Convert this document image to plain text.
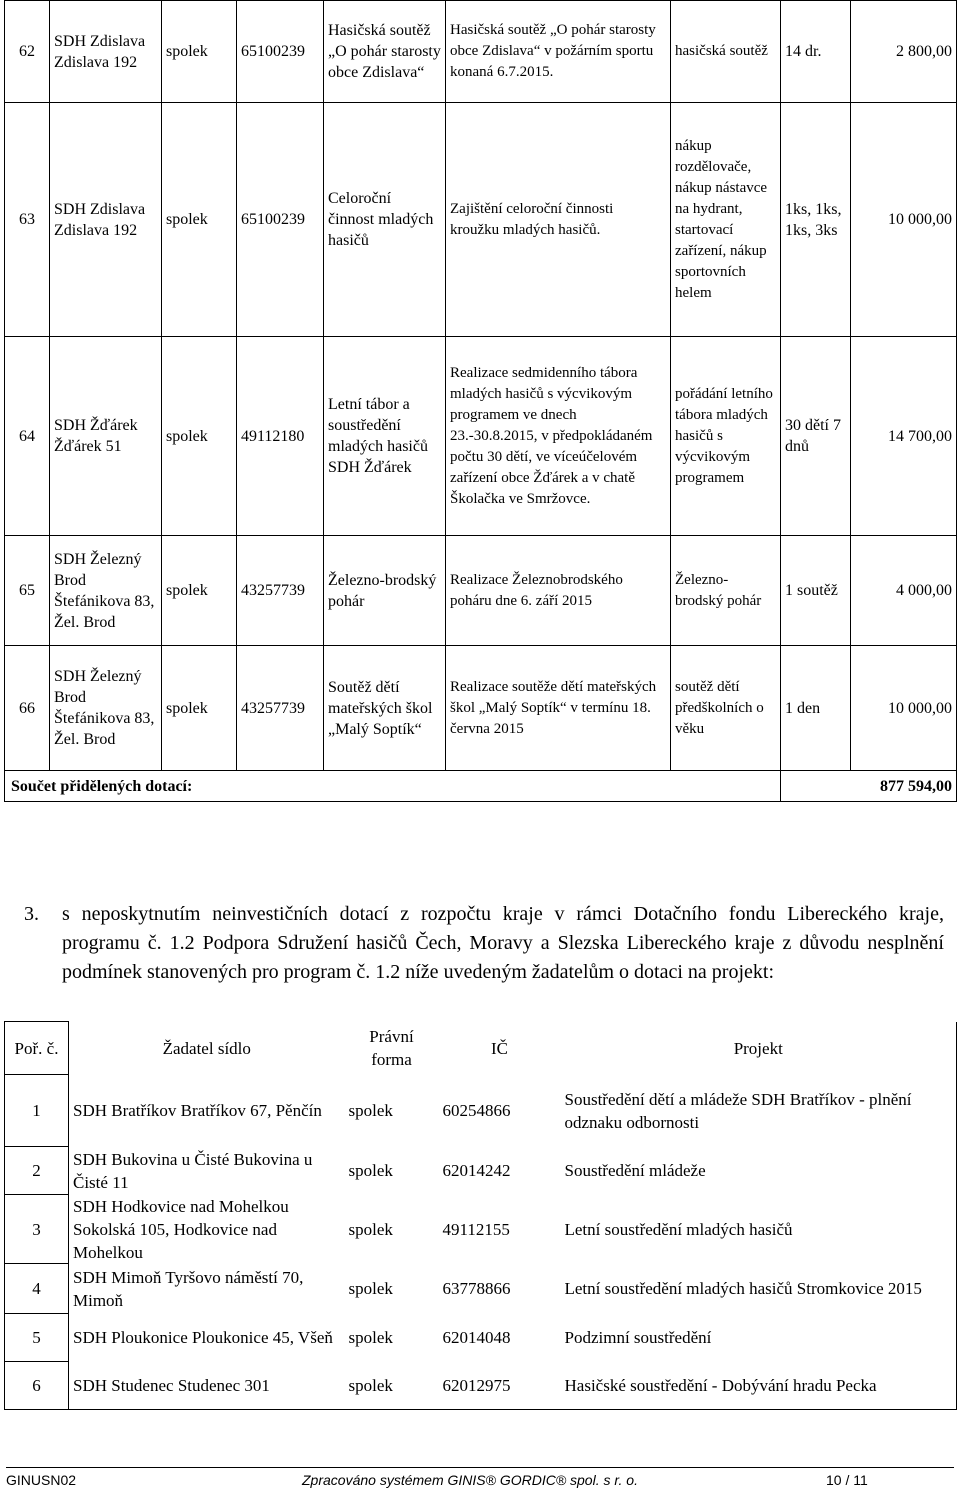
62	SDH Zdislava Zdislava 192	spolek	65100239	Hasičská soutěž „O pohár starosty obce Zdislava“	Hasičská soutěž „O pohár starosty obce Zdislava“ v požárním sportu konaná 6.7.2015.	hasičská soutěž	14 dr.	2 800,00
63	SDH Zdislava Zdislava 192	spolek	65100239	Celoroční činnost mladých hasičů	Zajištění celoroční činnosti kroužku mladých hasičů.	nákup rozdělovače, nákup nástavce na hydrant, startovací zařízení, nákup sportovních helem	1ks, 1ks, 1ks, 3ks	10 000,00
64	SDH Žďárek Žďárek 51	spolek	49112180	Letní tábor a soustředění mladých hasičů SDH Žďárek	Realizace sedmidenního tábora mladých hasičů s výcvikovým programem ve dnech 23.-30.8.2015, v předpokládaném počtu 30 dětí, ve víceúčelovém zařízení obce Žďárek a v chatě Školačka ve Smržovce.	pořádání letního tábora mladých hasičů s výcvikovým programem	30 dětí 7 dnů	14 700,00
65	SDH Železný Brod Štefánikova 83, Žel. Brod	spolek	43257739	Železno-brodský pohár	Realizace Železnobrodského poháru dne 6. září 2015	Železno-brodský pohár	1 soutěž	4 000,00
66	SDH Železný Brod Štefánikova 83, Žel. Brod	spolek	43257739	Soutěž dětí mateřských škol „Malý Soptík“	Realizace soutěže dětí mateřských škol „Malý Soptík“ v termínu 18. června 2015	soutěž dětí předškolních o věku	1 den	10 000,00
Součet přidělených dotací:							877 594,00	
3. s neposkytnutím neinvestičních dotací z rozpočtu kraje v rámci Dotačního fondu Libereckého kraje, programu č. 1.2 Podpora Sdružení hasičů Čech, Moravy a Slezska Libereckého kraje z důvodu nesplnění podmínek stanovených pro program č. 1.2 níže uvedeným žadatelům o dotaci na projekt:
Poř. č.	Žadatel sídlo	Právní forma	IČ	Projekt
1	SDH Bratříkov Bratříkov 67, Pěnčín	spolek	60254866	Soustředění dětí a mládeže SDH Bratříkov - plnění odznaku odbornosti
2	SDH Bukovina u Čisté Bukovina u Čisté 11	spolek	62014242	Soustředění mládeže
3	SDH Hodkovice nad Mohelkou Sokolská 105, Hodkovice nad Mohelkou	spolek	49112155	Letní soustředění mladých hasičů
4	SDH Mimoň Tyršovo náměstí 70, Mimoň	spolek	63778866	Letní soustředění mladých hasičů Stromkovice 2015
5	SDH Ploukonice Ploukonice 45, Všeň	spolek	62014048	Podzimní soustředění
6	SDH Studenec Studenec 301	spolek	62012975	Hasičské soustředění - Dobývání hradu Pecka
GINUSN02	Zpracováno systémem GINIS® GORDIC® spol. s r. o.	10 / 11
